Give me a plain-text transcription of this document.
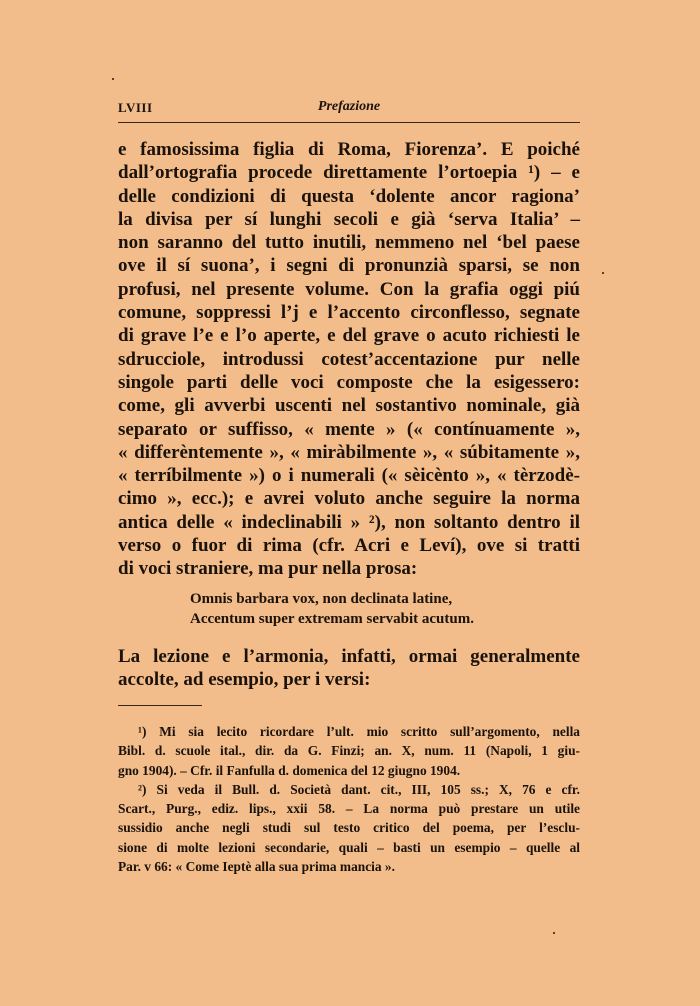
LVIII	Prefazione
e famosissima figlia di Roma, Fiorenza’. E poiché
dall’ortografia procede direttamente l’ortoepia ¹) – e
delle condizioni di questa ‘dolente ancor ragiona’
la divisa per sí lunghi secoli e già ‘serva Italia’ –
non saranno del tutto inutili, nemmeno nel ‘bel paese
ove il sí suona’, i segni di pronunzià sparsi, se non
profusi, nel presente volume. Con la grafia oggi piú
comune, soppressi l’j e l’accento circonflesso, segnate
di grave l’e e l’o aperte, e del grave o acuto richiesti le
sdrucciole, introdussi cotest’accentazione pur nelle
singole parti delle voci composte che la esigessero:
come, gli avverbi uscenti nel sostantivo nominale, già
separato or suffisso, « mente » (« contínuamente »,
« differèntemente », « miràbilmente », « súbitamente »,
« terríbilmente ») o i numerali (« sèicènto », « tèrzodè-
cimo », ecc.); e avrei voluto anche seguire la norma
antica delle « indeclinabili » ²), non soltanto dentro il
verso o fuor di rima (cfr. Acri e Leví), ove si tratti
di voci straniere, ma pur nella prosa:
Omnis barbara vox, non declinata latine,
Accentum super extremam servabit acutum.
La lezione e l’armonia, infatti, ormai generalmente
accolte, ad esempio, per i versi:
¹) Mi sia lecito ricordare l’ult. mio scritto sull’argomento, nella
Bibl. d. scuole ital., dir. da G. Finzi; an. X, num. 11 (Napoli, 1 giu-
gno 1904). – Cfr. il Fanfulla d. domenica del 12 giugno 1904.
²) Si veda il Bull. d. Società dant. cit., III, 105 ss.; X, 76 e cfr.
Scart., Purg., ediz. lips., xxii 58. – La norma può prestare un utile
sussidio anche negli studi sul testo critico del poema, per l’esclu-
sione di molte lezioni secondarie, quali – basti un esempio – quelle al
Par. v 66: « Come Ieptè alla sua prima mancia ».
